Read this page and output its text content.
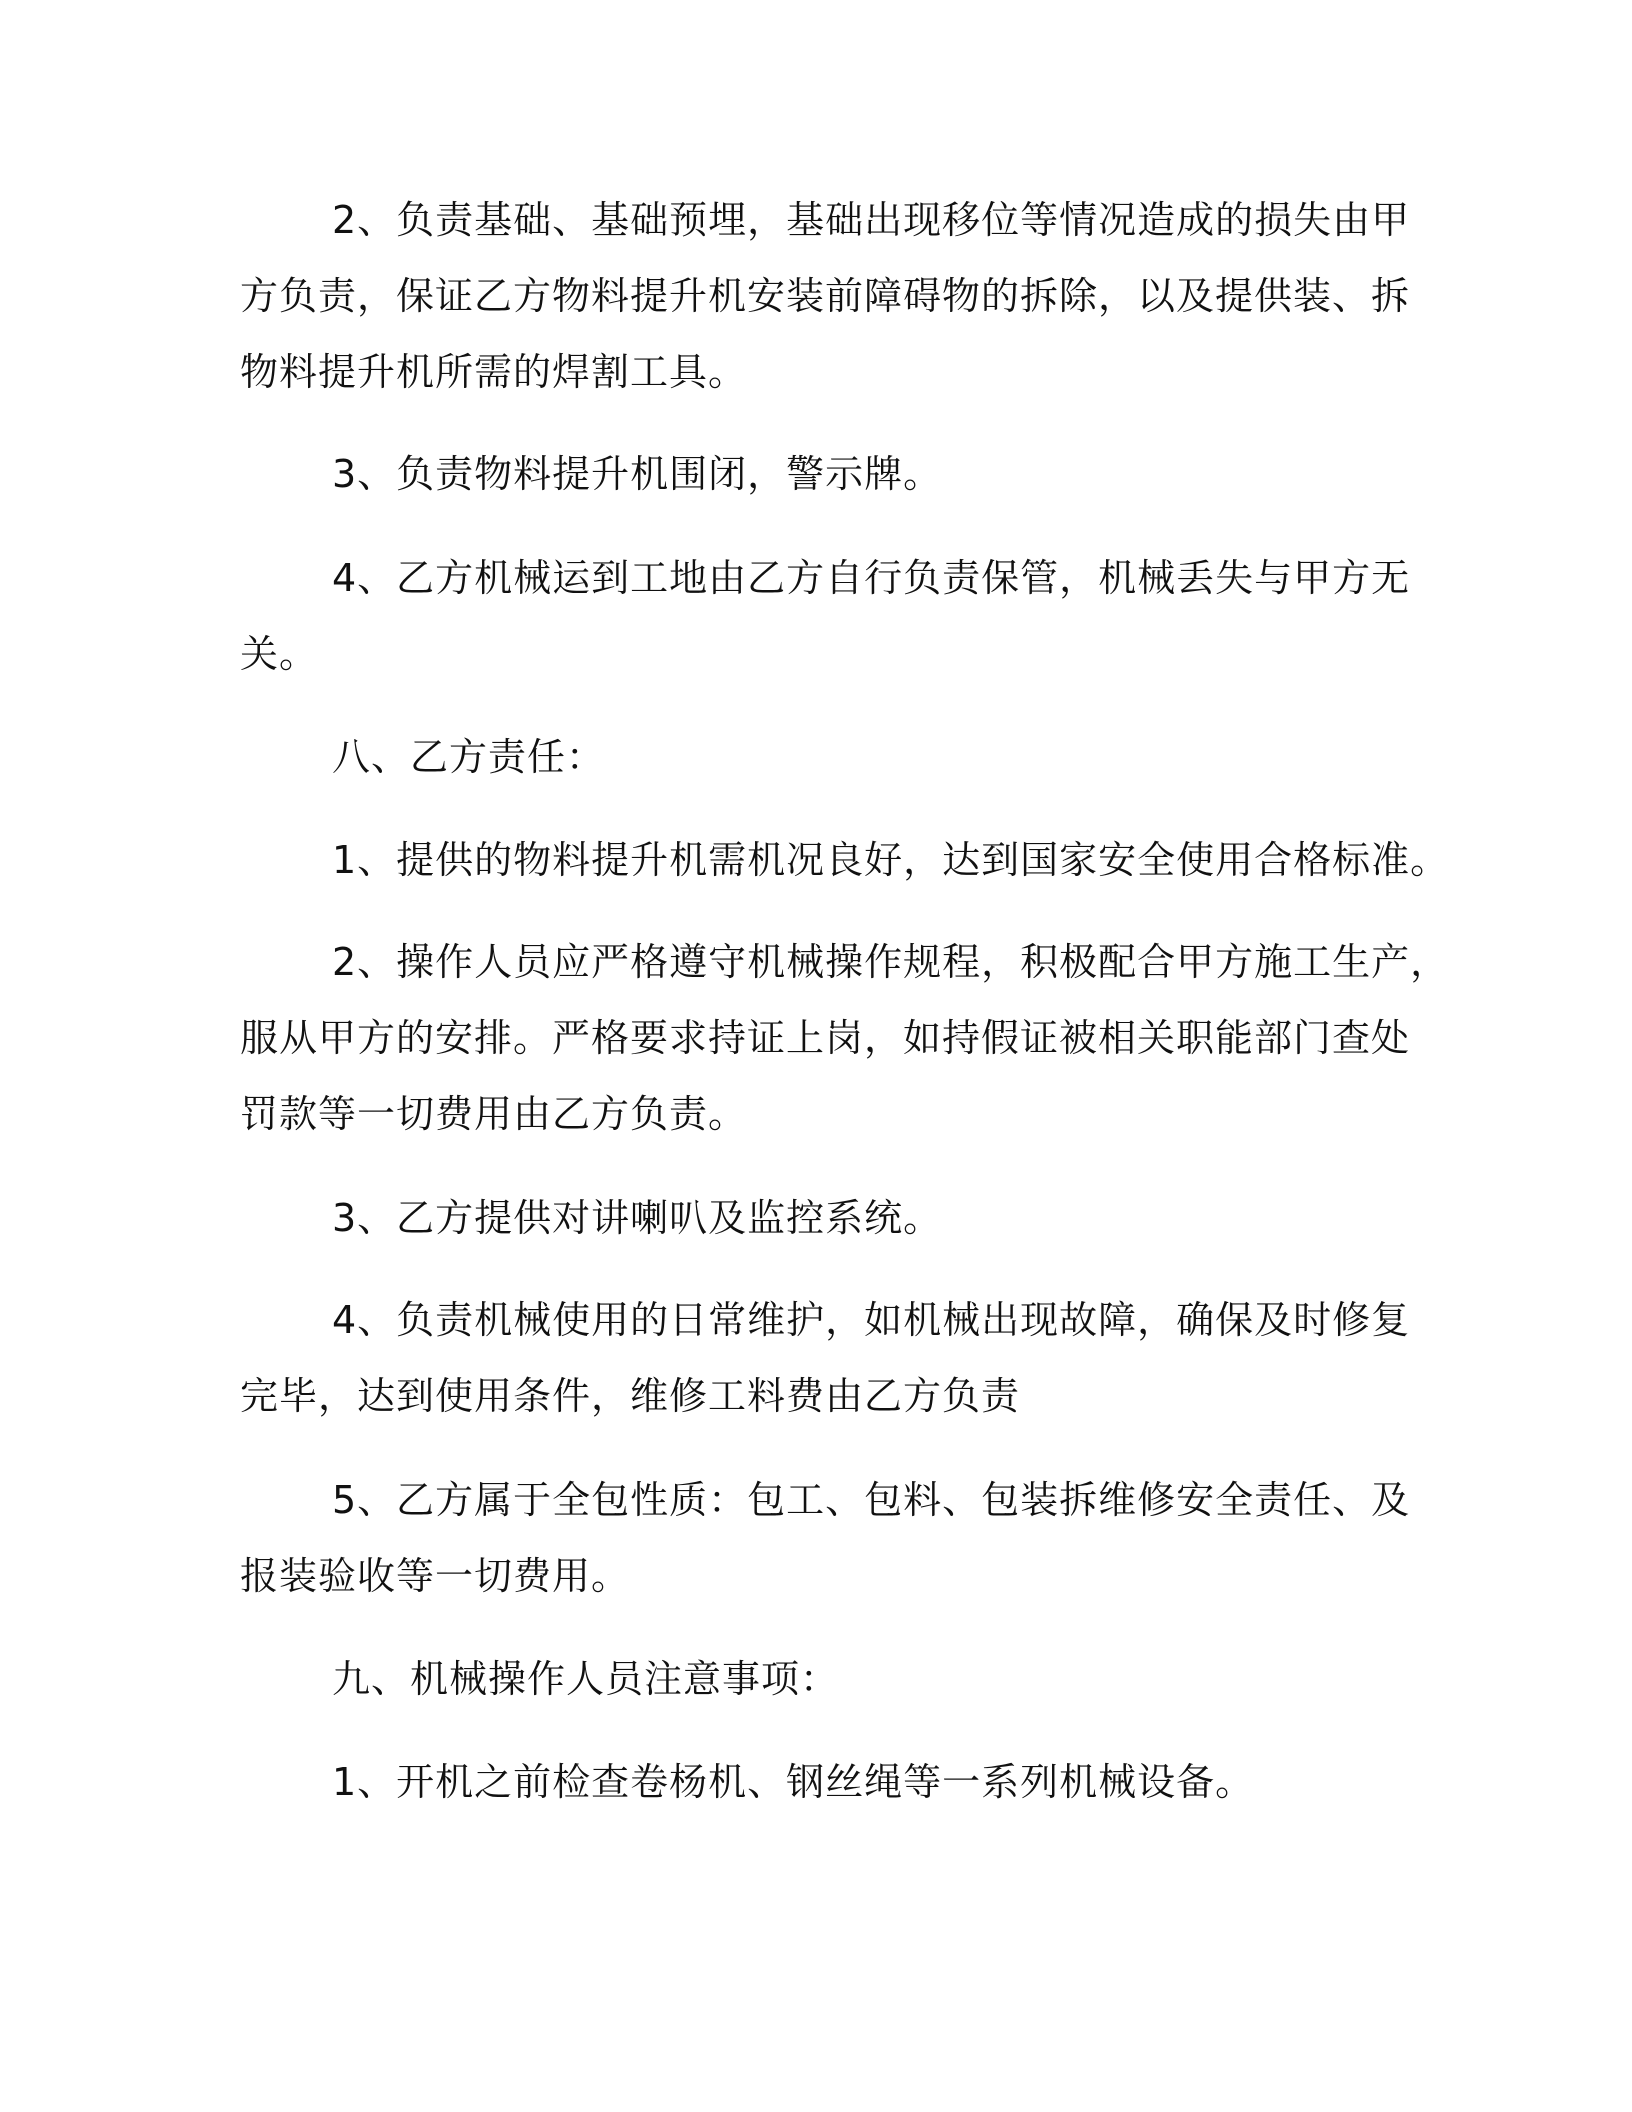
2、负责基础、基础预埋，基础出现移位等情况造成的损失由甲
方负责，保证乙方物料提升机安装前障碍物的拆除，以及提供装、拆
物料提升机所需的焊割工具。
3、负责物料提升机围闭，警示牌。
4、乙方机械运到工地由乙方自行负责保管，机械丢失与甲方无
关。
八、乙方责任：
1、提供的物料提升机需机况良好，达到国家安全使用合格标准。
2、操作人员应严格遵守机械操作规程，积极配合甲方施工生产，
服从甲方的安排。严格要求持证上岗，如持假证被相关职能部门查处
罚款等一切费用由乙方负责。
3、乙方提供对讲喇叭及监控系统。
4、负责机械使用的日常维护，如机械出现故障，确保及时修复
完毕，达到使用条件，维修工料费由乙方负责
5、乙方属于全包性质：包工、包料、包装拆维修安全责任、及
报装验收等一切费用。
九、机械操作人员注意事项：
1、开机之前检查卷杨机、钢丝绳等一系列机械设备。
